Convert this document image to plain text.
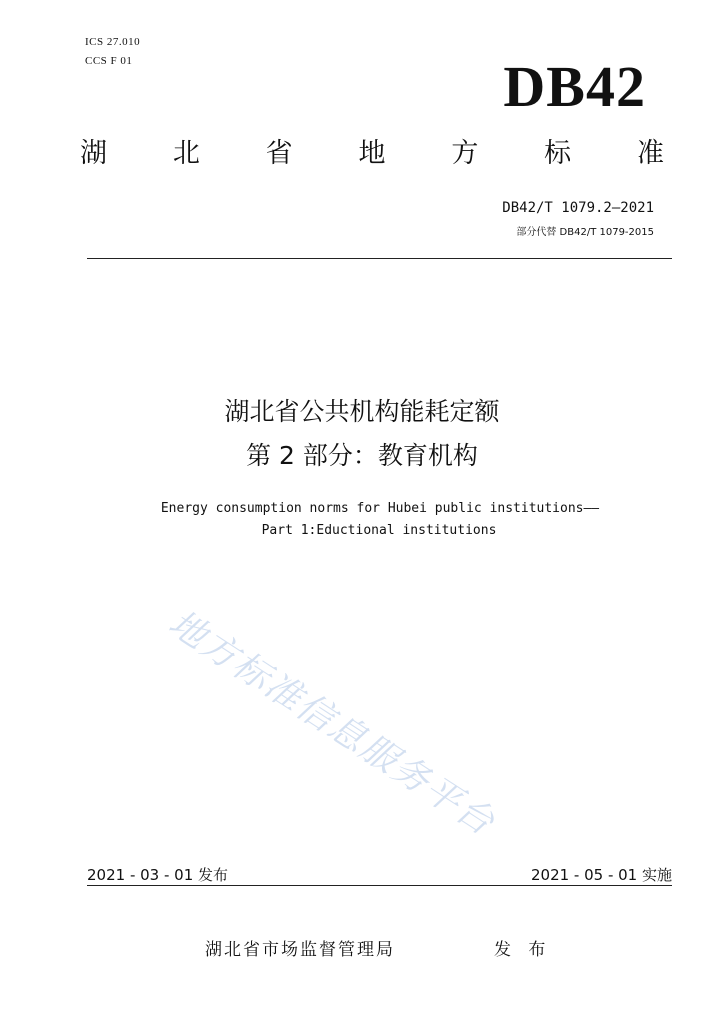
ICS 27.010
CCS F 01	DB42
湖 北 省 地 方 标 准
DB42/T 1079.2—2021
部分代替 DB42/T 1079-2015
湖北省公共机构能耗定额
第 2 部分：教育机构
Energy consumption norms for Hubei public institutions——
Part 1:Eductional institutions
地方标准信息服务平台
2021 - 03 - 01 发布	2021 - 05 - 01 实施
湖北省市场监督管理局	发 布
